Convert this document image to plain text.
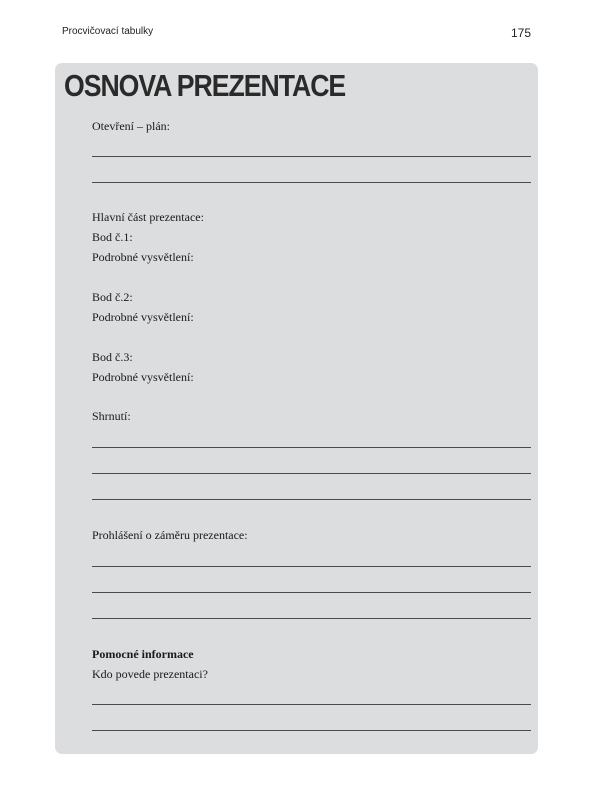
Procvičovací tabulky	175
OSNOVA PREZENTACE
Otevření – plán:
Hlavní část prezentace:
Bod č.1:
Podrobné vysvětlení:
Bod č.2:
Podrobné vysvětlení:
Bod č.3:
Podrobné vysvětlení:
Shrnutí:
Prohlášení o záměru prezentace:
Pomocné informace
Kdo povede prezentaci?
